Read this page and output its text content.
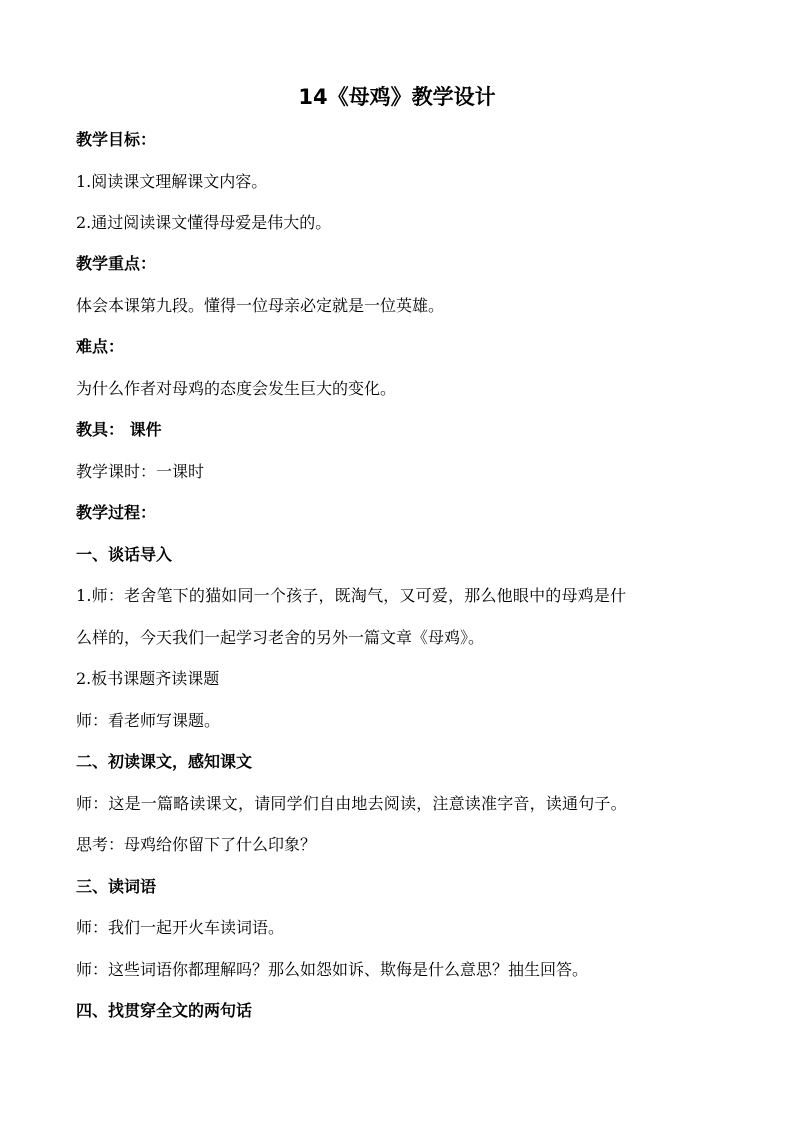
14《母鸡》教学设计
教学目标：
1.阅读课文理解课文内容。
2.通过阅读课文懂得母爱是伟大的。
教学重点：
体会本课第九段。懂得一位母亲必定就是一位英雄。
难点：
为什么作者对母鸡的态度会发生巨大的变化。
教具： 课件
教学课时：一课时
教学过程：
一、谈话导入
1.师：老舍笔下的猫如同一个孩子，既淘气，又可爱，那么他眼中的母鸡是什
么样的，今天我们一起学习老舍的另外一篇文章《母鸡》。
2.板书课题齐读课题
师：看老师写课题。
二、初读课文，感知课文
师：这是一篇略读课文，请同学们自由地去阅读，注意读准字音，读通句子。
思考：母鸡给你留下了什么印象？
三、读词语
师：我们一起开火车读词语。
师：这些词语你都理解吗？那么如怨如诉、欺侮是什么意思？抽生回答。
四、找贯穿全文的两句话
